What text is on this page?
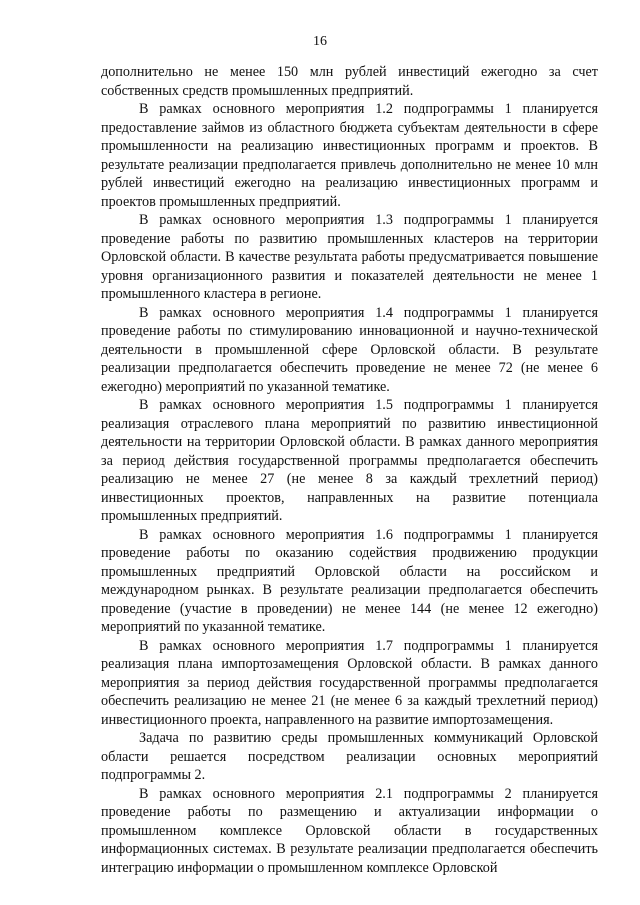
16

дополнительно не менее 150 млн рублей инвестиций ежегодно за счет собственных средств промышленных предприятий.

В рамках основного мероприятия 1.2 подпрограммы 1 планируется предоставление займов из областного бюджета субъектам деятельности в сфере промышленности на реализацию инвестиционных программ и проектов. В результате реализации предполагается привлечь дополнительно не менее 10 млн рублей инвестиций ежегодно на реализацию инвестиционных программ и проектов промышленных предприятий.

В рамках основного мероприятия 1.3 подпрограммы 1 планируется проведение работы по развитию промышленных кластеров на территории Орловской области. В качестве результата работы предусматривается повышение уровня организационного развития и показателей деятельности не менее 1 промышленного кластера в регионе.

В рамках основного мероприятия 1.4 подпрограммы 1 планируется проведение работы по стимулированию инновационной и научно-технической деятельности в промышленной сфере Орловской области. В результате реализации предполагается обеспечить проведение не менее 72 (не менее 6 ежегодно) мероприятий по указанной тематике.

В рамках основного мероприятия 1.5 подпрограммы 1 планируется реализация отраслевого плана мероприятий по развитию инвестиционной деятельности на территории Орловской области. В рамках данного мероприятия за период действия государственной программы предполагается обеспечить реализацию не менее 27 (не менее 8 за каждый трехлетний период) инвестиционных проектов, направленных на развитие потенциала промышленных предприятий.

В рамках основного мероприятия 1.6 подпрограммы 1 планируется проведение работы по оказанию содействия продвижению продукции промышленных предприятий Орловской области на российском и международном рынках. В результате реализации предполагается обеспечить проведение (участие в проведении) не менее 144 (не менее 12 ежегодно) мероприятий по указанной тематике.

В рамках основного мероприятия 1.7 подпрограммы 1 планируется реализация плана импортозамещения Орловской области. В рамках данного мероприятия за период действия государственной программы предполагается обеспечить реализацию не менее 21 (не менее 6 за каждый трехлетний период) инвестиционного проекта, направленного на развитие импортозамещения.

Задача по развитию среды промышленных коммуникаций Орловской области решается посредством реализации основных мероприятий подпрограммы 2.

В рамках основного мероприятия 2.1 подпрограммы 2 планируется проведение работы по размещению и актуализации информации о промышленном комплексе Орловской области в государственных информационных системах. В результате реализации предполагается обеспечить интеграцию информации о промышленном комплексе Орловской
